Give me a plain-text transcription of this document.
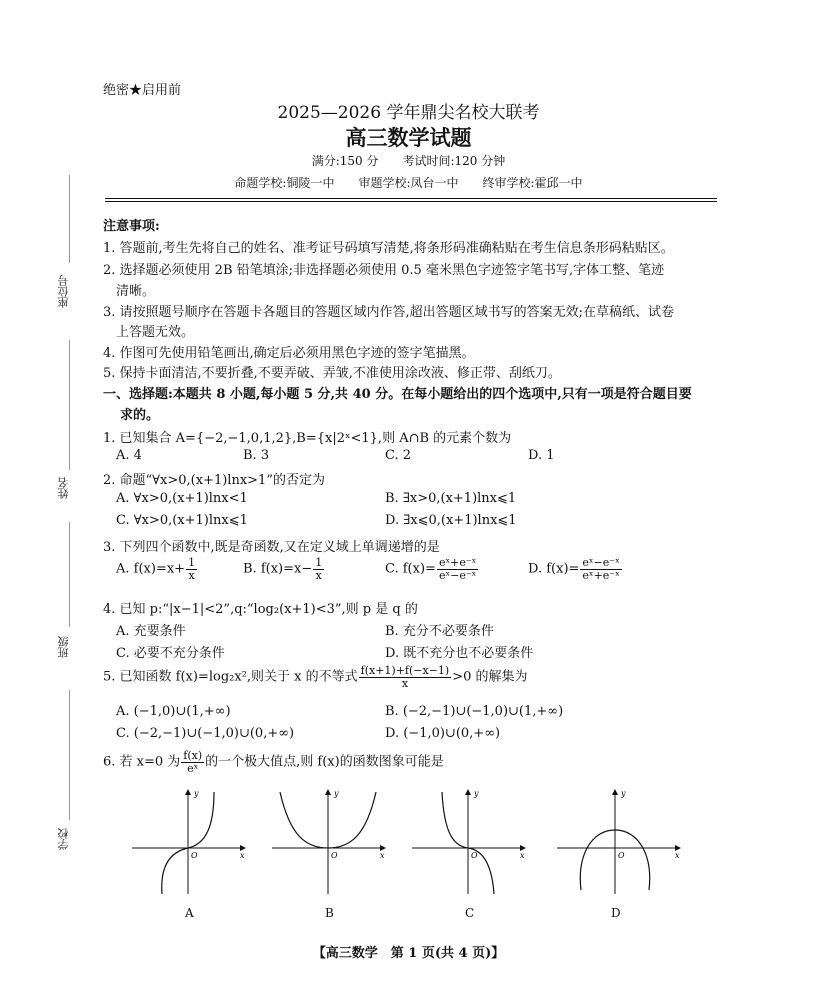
绝密★启用前
2025—2026 学年鼎尖名校大联考
高三数学试题
满分:150 分　　考试时间:120 分钟
命题学校:铜陵一中　　审题学校:凤台一中　　终审学校:霍邱一中
座位号
姓名
班级
学校
注意事项:
1. 答题前,考生先将自己的姓名、准考证号码填写清楚,将条形码准确粘贴在考生信息条形码粘贴区。
2. 选择题必须使用 2B 铅笔填涂;非选择题必须使用 0.5 毫米黑色字迹签字笔书写,字体工整、笔迹
清晰。
3. 请按照题号顺序在答题卡各题目的答题区域内作答,超出答题区域书写的答案无效;在草稿纸、试卷
上答题无效。
4. 作图可先使用铅笔画出,确定后必须用黑色字迹的签字笔描黑。
5. 保持卡面清洁,不要折叠,不要弄破、弄皱,不准使用涂改液、修正带、刮纸刀。
一、选择题:本题共 8 小题,每小题 5 分,共 40 分。在每小题给出的四个选项中,只有一项是符合题目要
求的。
1. 已知集合 A={−2,−1,0,1,2},B={x|2ˣ<1},则 A∩B 的元素个数为
A. 4	B. 3	C. 2	D. 1
2. 命题“∀x>0,(x+1)lnx>1”的否定为
A. ∀x>0,(x+1)lnx<1	B. ∃x>0,(x+1)lnx⩽1
C. ∀x>0,(x+1)lnx⩽1	D. ∃x⩽0,(x+1)lnx⩽1
3. 下列四个函数中,既是奇函数,又在定义域上单调递增的是
A. $f(x)=x+ \frac{1}{x}$	B. $f(x)=x- \frac{1}{x}$	C. $f(x)= \frac{\text{eˣ+e⁻ˣ}}{\text{eˣ−e⁻ˣ}}$	D. $f(x)= \frac{\text{eˣ−e⁻ˣ}}{\text{eˣ+e⁻ˣ}}$
4. 已知 p:“|x−1|<2”,q:“log₂(x+1)<3”,则 p 是 q 的
A. 充要条件	B. 充分不必要条件
C. 必要不充分条件	D. 既不充分也不必要条件
5. 已知函数 f(x)=log₂x²,则关于 x 的不等式 $\frac{f(x+1)+f(-x-1)}{x} >0$ 的解集为
A. (−1,0)∪(1,+∞)	B. (−2,−1)∪(−1,0)∪(1,+∞)
C. (−2,−1)∪(−1,0)∪(0,+∞)	D. (−1,0)∪(0,+∞)
6. 若 x=0 为 $\frac{f(x)}{\text{eˣ}}$ 的一个极大值点,则 f(x)的函数图象可能是
y
x
O
y
x
O
y
x
O
y
x
O
A	B	C	D
【高三数学　第 1 页(共 4 页)】
